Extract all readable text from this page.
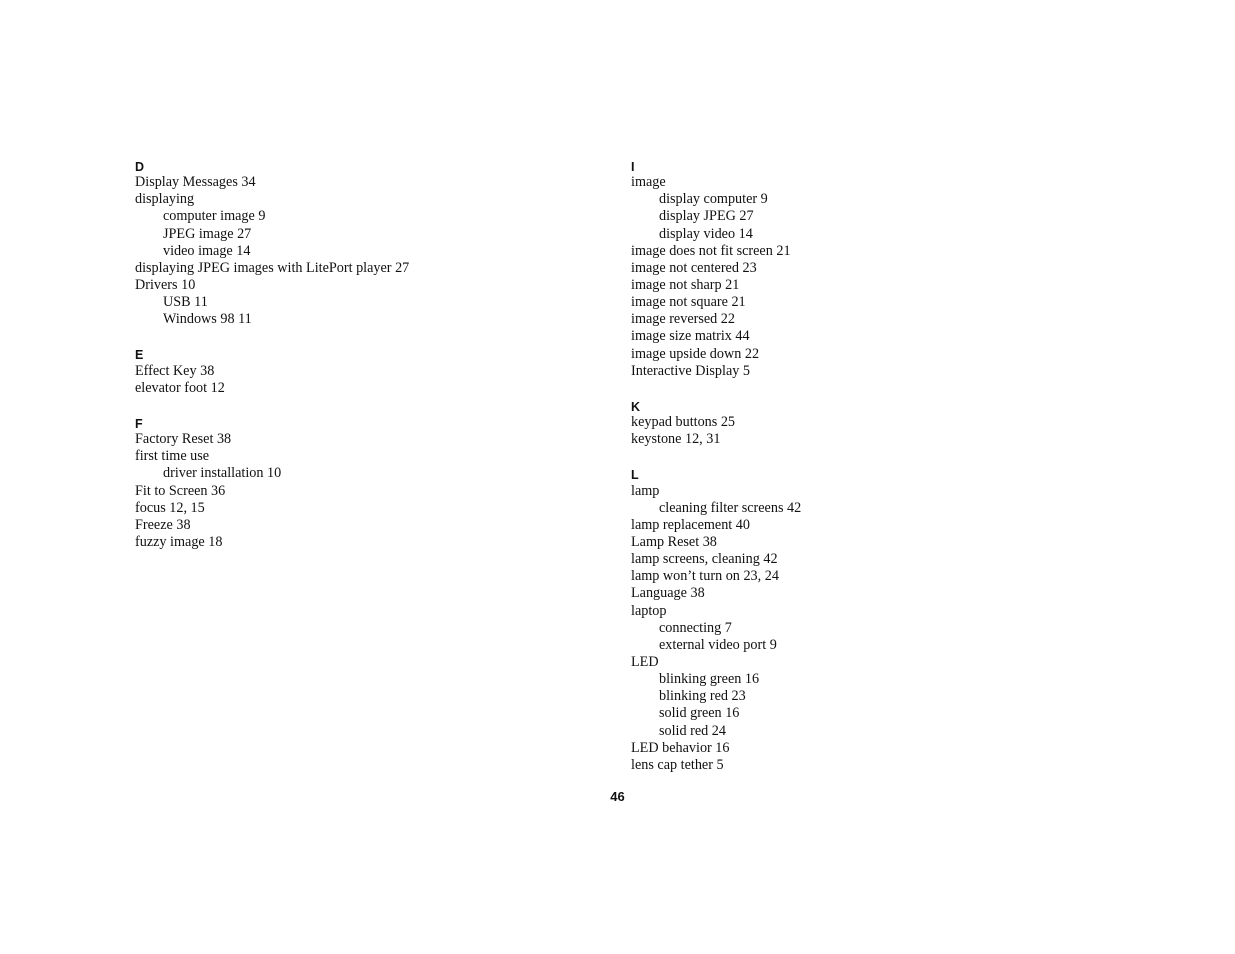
D
Display Messages 34
displaying
computer image 9
JPEG image 27
video image 14
displaying JPEG images with LitePort player 27
Drivers 10
USB 11
Windows 98 11
E
Effect Key 38
elevator foot 12
F
Factory Reset 38
first time use
driver installation 10
Fit to Screen 36
focus 12, 15
Freeze 38
fuzzy image 18
I
image
display computer 9
display JPEG 27
display video 14
image does not fit screen 21
image not centered 23
image not sharp 21
image not square 21
image reversed 22
image size matrix 44
image upside down 22
Interactive Display 5
K
keypad buttons 25
keystone 12, 31
L
lamp
cleaning filter screens 42
lamp replacement 40
Lamp Reset 38
lamp screens, cleaning 42
lamp won’t turn on 23, 24
Language 38
laptop
connecting 7
external video port 9
LED
blinking green 16
blinking red 23
solid green 16
solid red 24
LED behavior 16
lens cap tether 5
46
